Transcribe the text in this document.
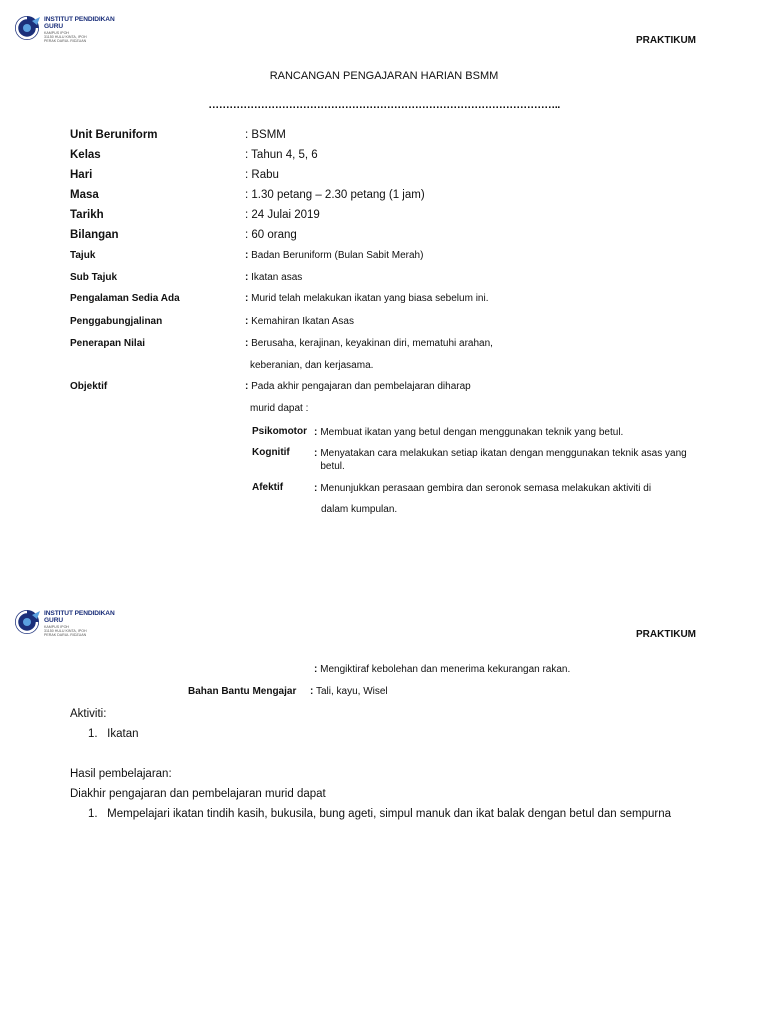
INSTITUT PENDIDIKAN GURU
KAMPUS IPOH
31150 HULU KINTA, IPOH
PERAK DARUL RIDZUAN	PRAKTIKUM
RANCANGAN PENGAJARAN HARIAN BSMM
………………………………………………………………………………………..
Unit Beruniform	: BSMM
Kelas	: Tahun 4, 5, 6
Hari	: Rabu
Masa	: 1.30 petang – 2.30 petang (1 jam)
Tarikh	: 24 Julai 2019
Bilangan	: 60 orang
Tajuk	: Badan Beruniform (Bulan Sabit Merah)
Sub Tajuk	: Ikatan asas
Pengalaman Sedia Ada	: Murid telah melakukan ikatan yang biasa sebelum ini.
Penggabungjalinan	: Kemahiran Ikatan Asas
Penerapan Nilai	: Berusaha, kerajinan, keyakinan diri, mematuhi arahan,
keberanian, dan kerjasama.
Objektif	: Pada akhir pengajaran dan pembelajaran diharap
murid dapat :
Psikomotor : Membuat ikatan yang betul dengan menggunakan teknik yang betul.
Kognitif : Menyatakan cara melakukan setiap ikatan dengan menggunakan teknik asas yang betul.
Afektif	: Menunjukkan perasaan gembira dan seronok semasa melakukan aktiviti di
dalam kumpulan.
INSTITUT PENDIDIKAN GURU
KAMPUS IPOH
31150 HULU KINTA, IPOH
PERAK DARUL RIDZUAN	PRAKTIKUM
: Mengiktiraf kebolehan dan menerima kekurangan rakan.
Bahan Bantu Mengajar : Tali, kayu, Wisel
Aktiviti:
1.   Ikatan
Hasil pembelajaran:
Diakhir pengajaran dan pembelajaran murid dapat
1.   Mempelajari ikatan tindih kasih, bukusila, bung ageti, simpul manuk dan ikat balak dengan betul dan sempurna
